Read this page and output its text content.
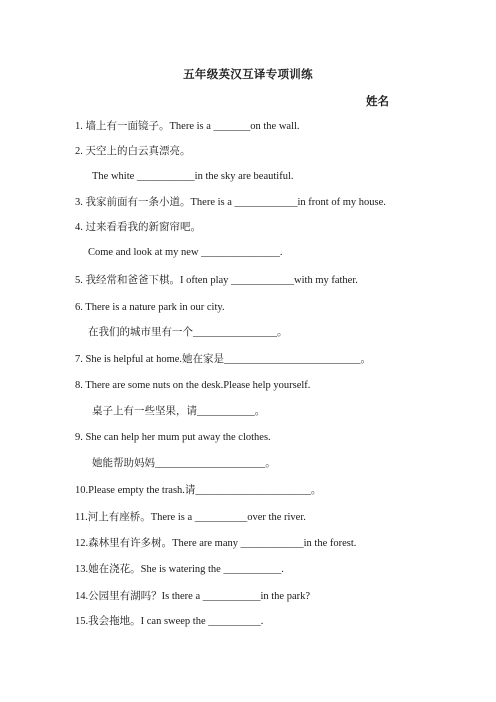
五年级英汉互译专项训练
姓名
1. 墙上有一面镜子。There is a _______on the wall.
2. 天空上的白云真漂亮。
The white ___________in the sky are beautiful.
3. 我家前面有一条小道。There is a ____________in front of my house.
4. 过来看看我的新窗帘吧。
Come and look at my new _______________.
5. 我经常和爸爸下棋。I often play ____________with my father.
6. There is a nature park in our city.
在我们的城市里有一个________________。
7. She is helpful at home.她在家是__________________________。
8. There are some nuts on the desk.Please help yourself.
桌子上有一些坚果，请___________。
9. She can help her mum put away the clothes.
她能帮助妈妈_____________________。
10.Please empty the trash.请______________________。
11.河上有座桥。There is a __________over the river.
12.森林里有许多树。There are many ____________in the forest.
13.她在浇花。She is watering the ___________.
14.公园里有湖吗？Is there a ___________in the park?
15.我会拖地。I can sweep the __________.
